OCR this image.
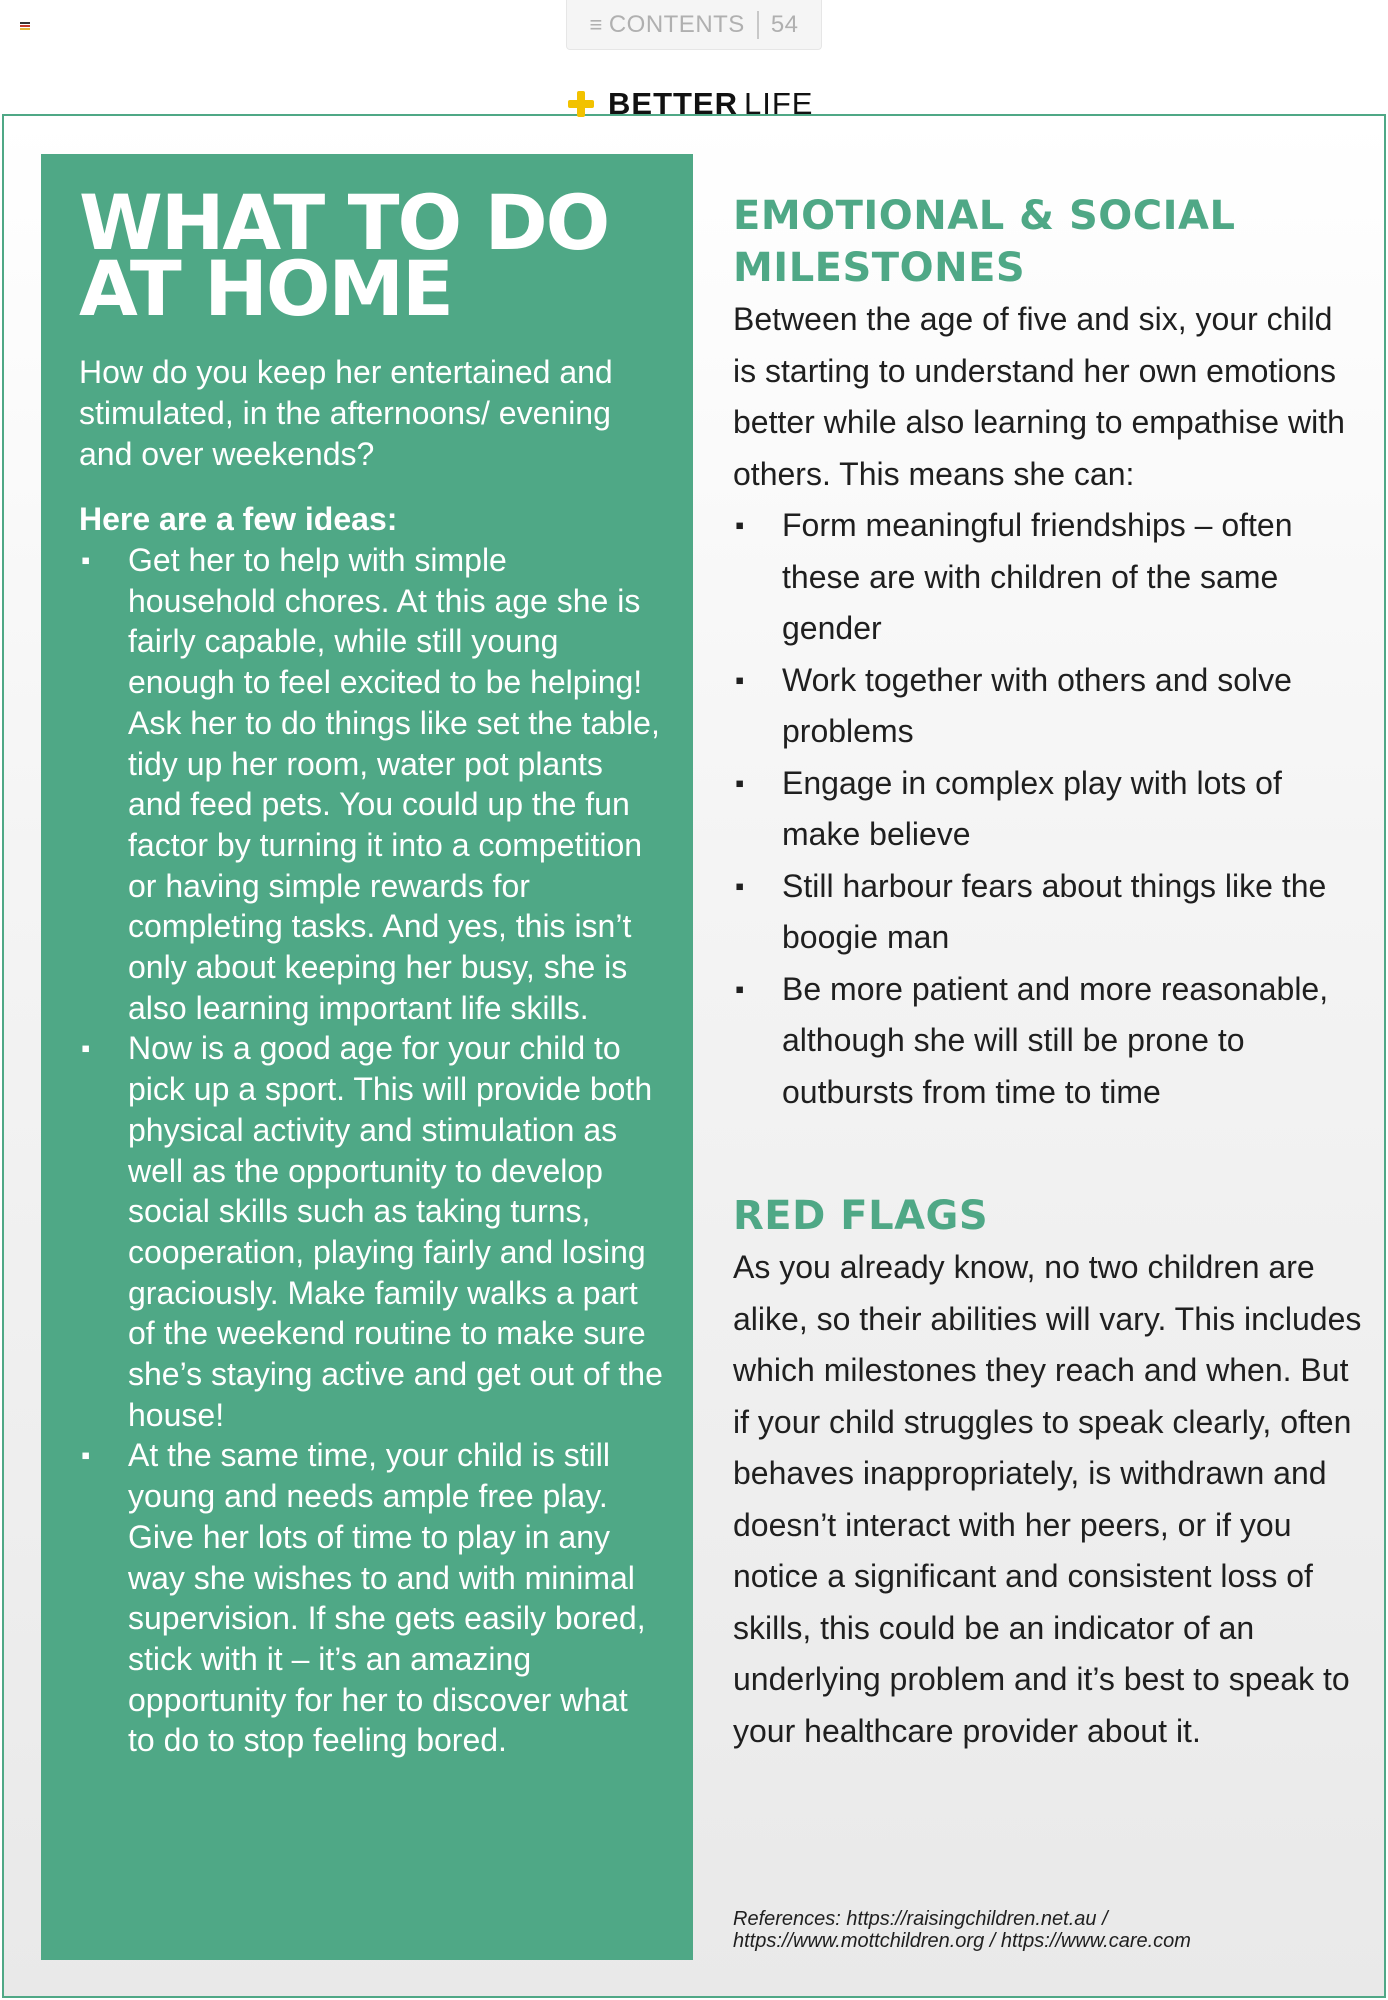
≡ CONTENTS 54
BETTER LIFE
WHAT TO DO AT HOME

How do you keep her entertained and stimulated, in the afternoons/ evening and over weekends?

Here are a few ideas:

▪ Get her to help with simple household chores. At this age she is fairly capable, while still young enough to feel excited to be helping! Ask her to do things like set the table, tidy up her room, water pot plants and feed pets. You could up the fun factor by turning it into a competition or having simple rewards for completing tasks. And yes, this isn’t only about keeping her busy, she is also learning important life skills.
▪ Now is a good age for your child to pick up a sport. This will provide both physical activity and stimulation as well as the opportunity to develop social skills such as taking turns, cooperation, playing fairly and losing graciously. Make family walks a part of the weekend routine to make sure she’s staying active and get out of the house!
▪ At the same time, your child is still young and needs ample free play. Give her lots of time to play in any way she wishes to and with minimal supervision. If she gets easily bored, stick with it – it’s an amazing opportunity for her to discover what to do to stop feeling bored.
EMOTIONAL & SOCIAL MILESTONES

Between the age of five and six, your child is starting to understand her own emotions better while also learning to empathise with others. This means she can:

▪ Form meaningful friendships – often these are with children of the same gender
▪ Work together with others and solve problems
▪ Engage in complex play with lots of make believe
▪ Still harbour fears about things like the boogie man
▪ Be more patient and more reasonable, although she will still be prone to outbursts from time to time
RED FLAGS

As you already know, no two children are alike, so their abilities will vary. This includes which milestones they reach and when. But if your child struggles to speak clearly, often behaves inappropriately, is withdrawn and doesn’t interact with her peers, or if you notice a significant and consistent loss of skills, this could be an indicator of an underlying problem and it’s best to speak to your healthcare provider about it.

References: https://raisingchildren.net.au /
https://www.mottchildren.org / https://www.care.com
